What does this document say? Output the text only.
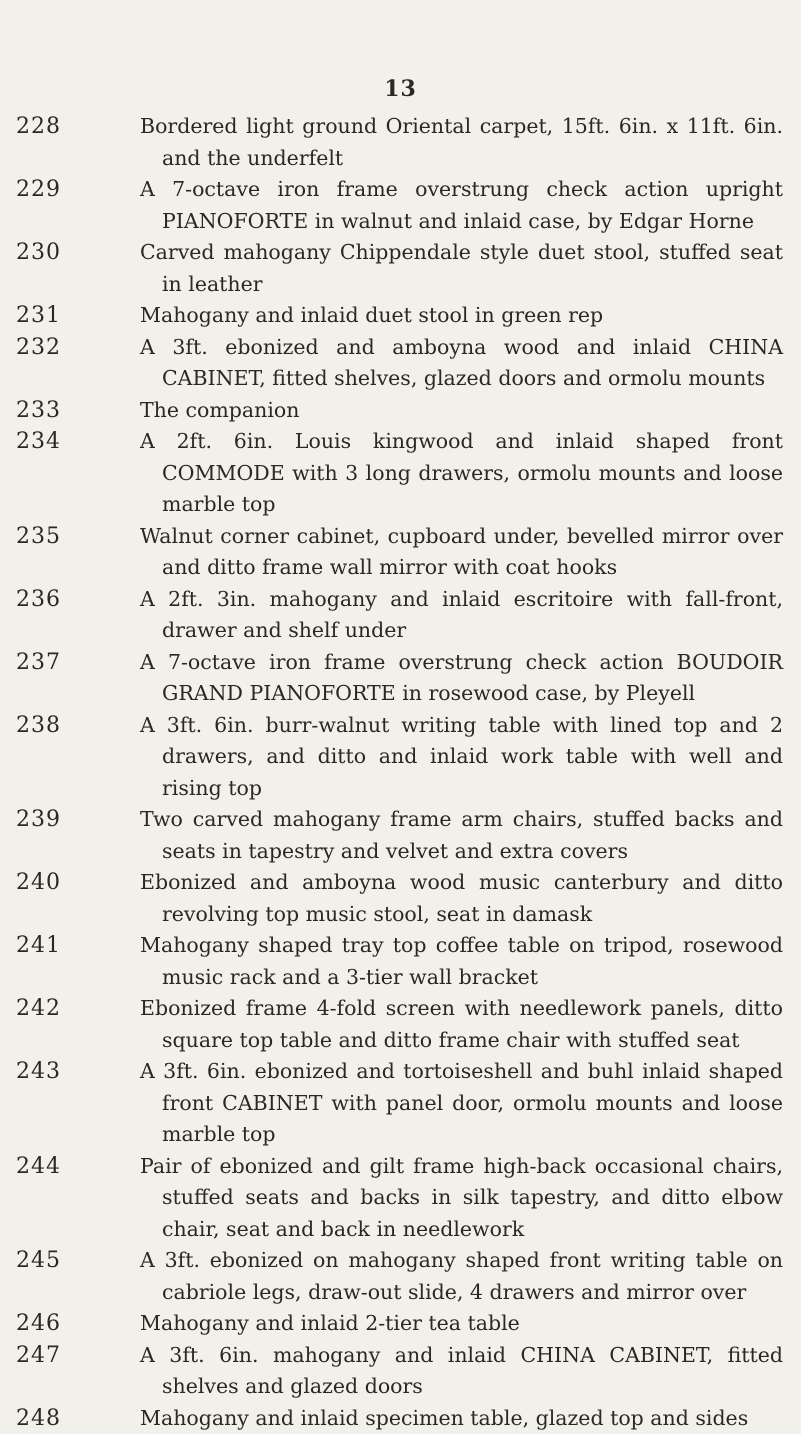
13
228	Bordered light ground Oriental carpet, 15ft. 6in. x 11ft. 6in. and the underfelt
229	A 7-octave iron frame overstrung check action upright PIANOFORTE in walnut and inlaid case, by Edgar Horne
230	Carved mahogany Chippendale style duet stool, stuffed seat in leather
231	Mahogany and inlaid duet stool in green rep
232	A 3ft. ebonized and amboyna wood and inlaid CHINA CABINET, fitted shelves, glazed doors and ormolu mounts
233	The companion
234	A 2ft. 6in. Louis kingwood and inlaid shaped front COMMODE with 3 long drawers, ormolu mounts and loose marble top
235	Walnut corner cabinet, cupboard under, bevelled mirror over and ditto frame wall mirror with coat hooks
236	A 2ft. 3in. mahogany and inlaid escritoire with fall-front, drawer and shelf under
237	A 7-octave iron frame overstrung check action BOUDOIR GRAND PIANOFORTE in rosewood case, by Pleyell
238	A 3ft. 6in. burr-walnut writing table with lined top and 2 drawers, and ditto and inlaid work table with well and rising top
239	Two carved mahogany frame arm chairs, stuffed backs and seats in tapestry and velvet and extra covers
240	Ebonized and amboyna wood music canterbury and ditto revolving top music stool, seat in damask
241	Mahogany shaped tray top coffee table on tripod, rosewood music rack and a 3-tier wall bracket
242	Ebonized frame 4-fold screen with needlework panels, ditto square top table and ditto frame chair with stuffed seat
243	A 3ft. 6in. ebonized and tortoiseshell and buhl inlaid shaped front CABINET with panel door, ormolu mounts and loose marble top
244	Pair of ebonized and gilt frame high-back occasional chairs, stuffed seats and backs in silk tapestry, and ditto elbow chair, seat and back in needlework
245	A 3ft. ebonized on mahogany shaped front writing table on cabriole legs, draw-out slide, 4 drawers and mirror over
246	Mahogany and inlaid 2-tier tea table
247	A 3ft. 6in. mahogany and inlaid CHINA CABINET, fitted shelves and glazed doors
248	Mahogany and inlaid specimen table, glazed top and sides
